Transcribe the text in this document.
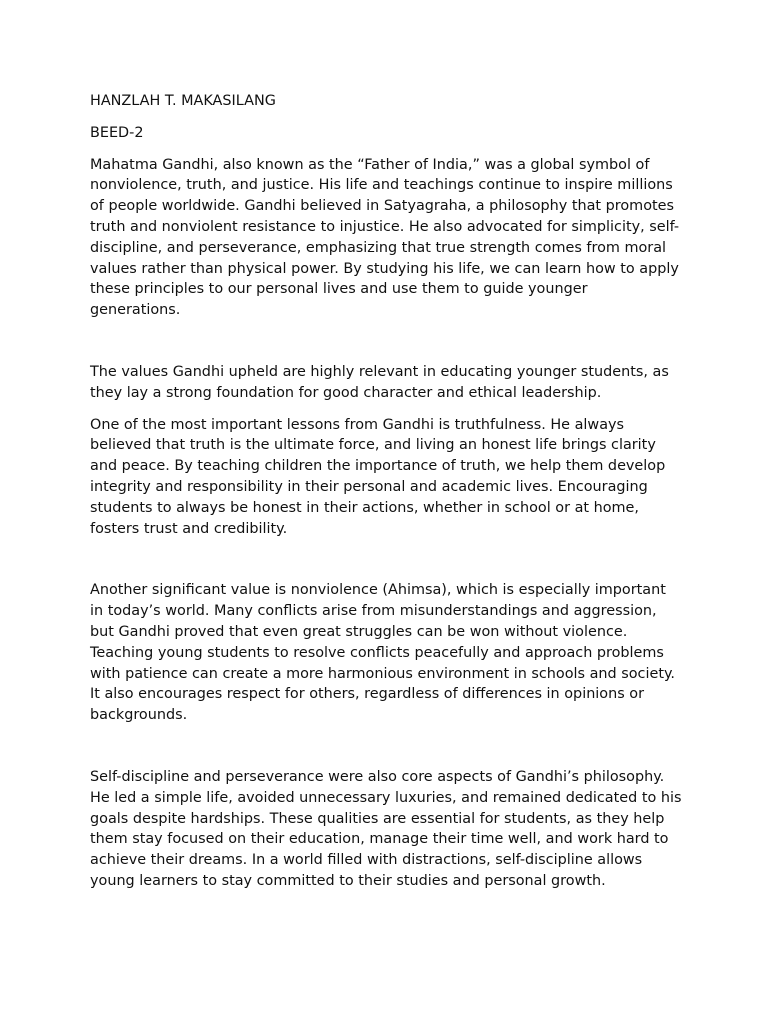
HANZLAH T. MAKASILANG

BEED-2

Mahatma Gandhi, also known as the “Father of India,” was a global symbol of nonviolence, truth, and justice. His life and teachings continue to inspire millions of people worldwide. Gandhi believed in Satyagraha, a philosophy that promotes truth and nonviolent resistance to injustice. He also advocated for simplicity, self-discipline, and perseverance, emphasizing that true strength comes from moral values rather than physical power. By studying his life, we can learn how to apply these principles to our personal lives and use them to guide younger generations.

The values Gandhi upheld are highly relevant in educating younger students, as they lay a strong foundation for good character and ethical leadership.

One of the most important lessons from Gandhi is truthfulness. He always believed that truth is the ultimate force, and living an honest life brings clarity and peace. By teaching children the importance of truth, we help them develop integrity and responsibility in their personal and academic lives. Encouraging students to always be honest in their actions, whether in school or at home, fosters trust and credibility.

Another significant value is nonviolence (Ahimsa), which is especially important in today’s world. Many conflicts arise from misunderstandings and aggression, but Gandhi proved that even great struggles can be won without violence. Teaching young students to resolve conflicts peacefully and approach problems with patience can create a more harmonious environment in schools and society. It also encourages respect for others, regardless of differences in opinions or backgrounds.

Self-discipline and perseverance were also core aspects of Gandhi’s philosophy. He led a simple life, avoided unnecessary luxuries, and remained dedicated to his goals despite hardships. These qualities are essential for students, as they help them stay focused on their education, manage their time well, and work hard to achieve their dreams. In a world filled with distractions, self-discipline allows young learners to stay committed to their studies and personal growth.
